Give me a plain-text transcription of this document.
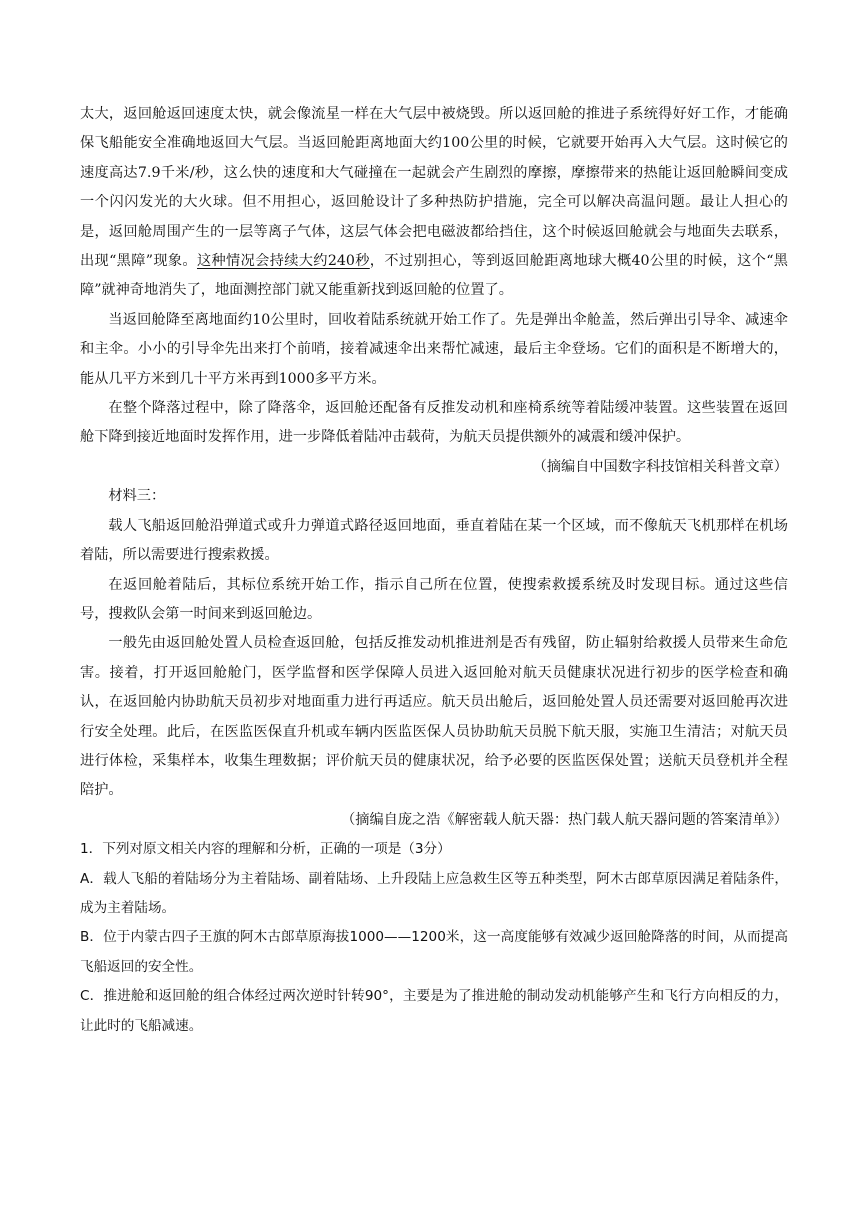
太大，返回舱返回速度太快，就会像流星一样在大气层中被烧毁。所以返回舱的推进子系统得好好工作，才能确保飞船能安全准确地返回大气层。当返回舱距离地面大约100公里的时候，它就要开始再入大气层。这时候它的速度高达7.9千米/秒，这么快的速度和大气碰撞在一起就会产生剧烈的摩擦，摩擦带来的热能让返回舱瞬间变成一个闪闪发光的大火球。但不用担心，返回舱设计了多种热防护措施，完全可以解决高温问题。最让人担心的是，返回舱周围产生的一层等离子气体，这层气体会把电磁波都给挡住，这个时候返回舱就会与地面失去联系，出现“黑障”现象。这种情况会持续大约240秒，不过别担心，等到返回舱距离地球大概40公里的时候，这个“黑障”就神奇地消失了，地面测控部门就又能重新找到返回舱的位置了。

当返回舱降至离地面约10公里时，回收着陆系统就开始工作了。先是弹出伞舱盖，然后弹出引导伞、减速伞和主伞。小小的引导伞先出来打个前哨，接着减速伞出来帮忙减速，最后主伞登场。它们的面积是不断增大的，能从几平方米到几十平方米再到1000多平方米。

在整个降落过程中，除了降落伞，返回舱还配备有反推发动机和座椅系统等着陆缓冲装置。这些装置在返回舱下降到接近地面时发挥作用，进一步降低着陆冲击载荷，为航天员提供额外的减震和缓冲保护。

（摘编自中国数字科技馆相关科普文章）

材料三：

载人飞船返回舱沿弹道式或升力弹道式路径返回地面，垂直着陆在某一个区域，而不像航天飞机那样在机场着陆，所以需要进行搜索救援。

在返回舱着陆后，其标位系统开始工作，指示自己所在位置，使搜索救援系统及时发现目标。通过这些信号，搜救队会第一时间来到返回舱边。

一般先由返回舱处置人员检查返回舱，包括反推发动机推进剂是否有残留，防止辐射给救援人员带来生命危害。接着，打开返回舱舱门，医学监督和医学保障人员进入返回舱对航天员健康状况进行初步的医学检查和确认，在返回舱内协助航天员初步对地面重力进行再适应。航天员出舱后，返回舱处置人员还需要对返回舱再次进行安全处理。此后，在医监医保直升机或车辆内医监医保人员协助航天员脱下航天服，实施卫生清洁；对航天员进行体检，采集样本，收集生理数据；评价航天员的健康状况，给予必要的医监医保处置；送航天员登机并全程陪护。

（摘编自庞之浩《解密载人航天器：热门载人航天器问题的答案清单》）

1．下列对原文相关内容的理解和分析，正确的一项是（3分）

A．载人飞船的着陆场分为主着陆场、副着陆场、上升段陆上应急救生区等五种类型，阿木古郎草原因满足着陆条件，成为主着陆场。

B．位于内蒙古四子王旗的阿木古郎草原海拔1000——1200米，这一高度能够有效减少返回舱降落的时间，从而提高飞船返回的安全性。

C．推进舱和返回舱的组合体经过两次逆时针转90°，主要是为了推进舱的制动发动机能够产生和飞行方向相反的力，让此时的飞船减速。
